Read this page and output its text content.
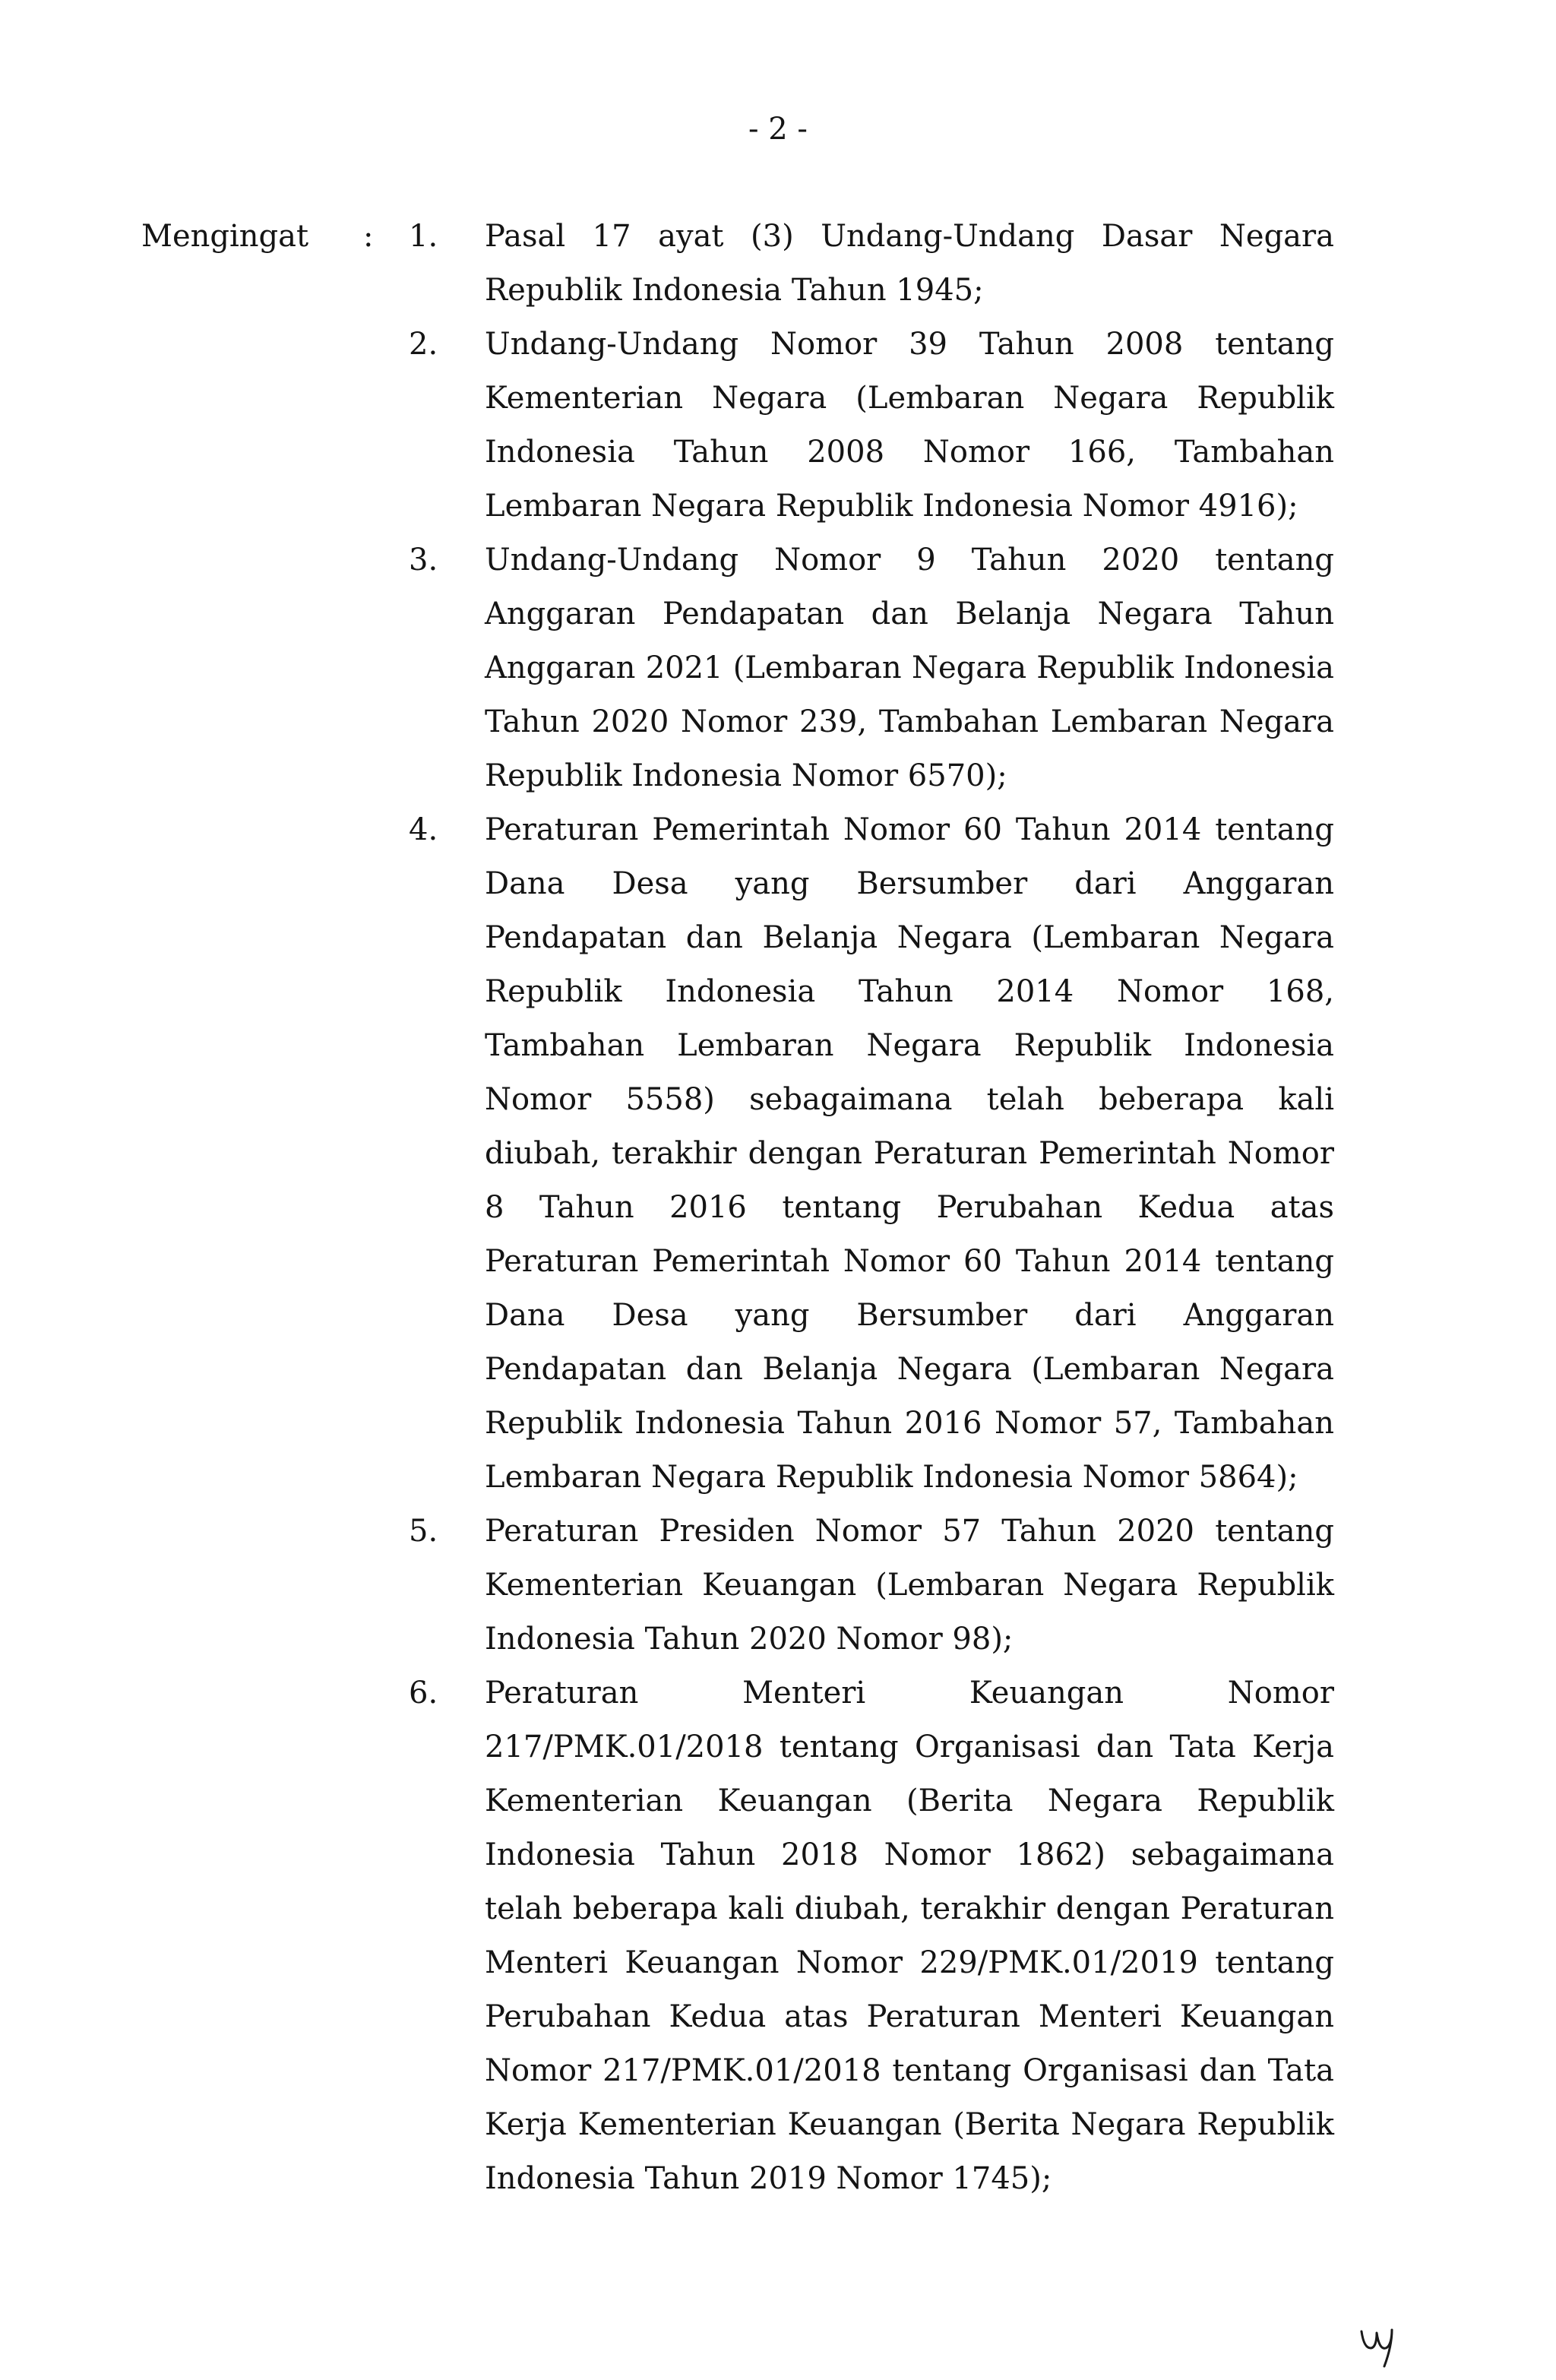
- 2 -
Mengingat : 1. Pasal 17 ayat (3) Undang-Undang Dasar Negara Republik Indonesia Tahun 1945;
2. Undang-Undang Nomor 39 Tahun 2008 tentang Kementerian Negara (Lembaran Negara Republik Indonesia Tahun 2008 Nomor 166, Tambahan Lembaran Negara Republik Indonesia Nomor 4916);
3. Undang-Undang Nomor 9 Tahun 2020 tentang Anggaran Pendapatan dan Belanja Negara Tahun Anggaran 2021 (Lembaran Negara Republik Indonesia Tahun 2020 Nomor 239, Tambahan Lembaran Negara Republik Indonesia Nomor 6570);
4. Peraturan Pemerintah Nomor 60 Tahun 2014 tentang Dana Desa yang Bersumber dari Anggaran Pendapatan dan Belanja Negara (Lembaran Negara Republik Indonesia Tahun 2014 Nomor 168, Tambahan Lembaran Negara Republik Indonesia Nomor 5558) sebagaimana telah beberapa kali diubah, terakhir dengan Peraturan Pemerintah Nomor 8 Tahun 2016 tentang Perubahan Kedua atas Peraturan Pemerintah Nomor 60 Tahun 2014 tentang Dana Desa yang Bersumber dari Anggaran Pendapatan dan Belanja Negara (Lembaran Negara Republik Indonesia Tahun 2016 Nomor 57, Tambahan Lembaran Negara Republik Indonesia Nomor 5864);
5. Peraturan Presiden Nomor 57 Tahun 2020 tentang Kementerian Keuangan (Lembaran Negara Republik Indonesia Tahun 2020 Nomor 98);
6. Peraturan Menteri Keuangan Nomor 217/PMK.01/2018 tentang Organisasi dan Tata Kerja Kementerian Keuangan (Berita Negara Republik Indonesia Tahun 2018 Nomor 1862) sebagaimana telah beberapa kali diubah, terakhir dengan Peraturan Menteri Keuangan Nomor 229/PMK.01/2019 tentang Perubahan Kedua atas Peraturan Menteri Keuangan Nomor 217/PMK.01/2018 tentang Organisasi dan Tata Kerja Kementerian Keuangan (Berita Negara Republik Indonesia Tahun 2019 Nomor 1745);
